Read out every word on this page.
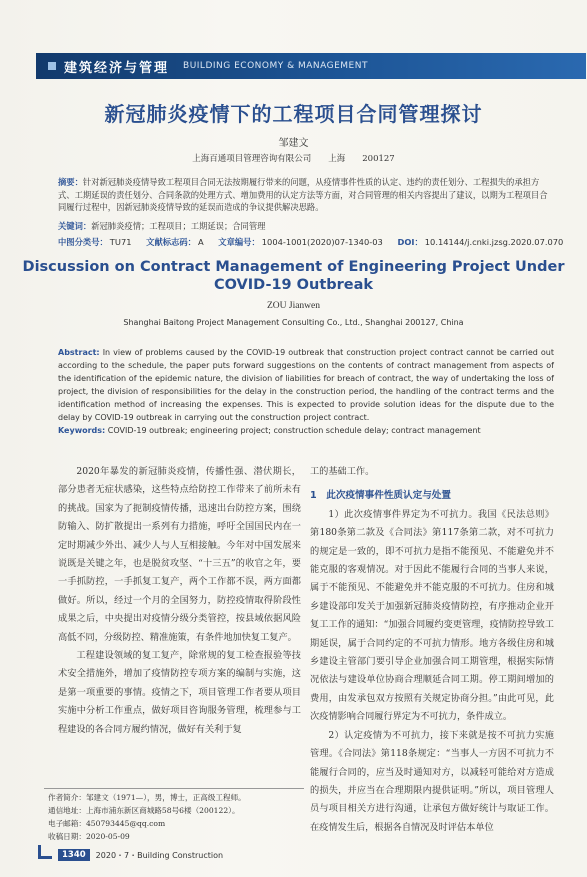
建筑经济与管理 BUILDING ECONOMY & MANAGEMENT
新冠肺炎疫情下的工程项目合同管理探讨
邹建文
上海百通项目管理咨询有限公司　　上海　　200127
摘要：针对新冠肺炎疫情导致工程项目合同无法按期履行带来的问题，从疫情事件性质的认定、违约的责任划分、工程损失的承担方式、工期延误的责任划分、合同条款的处理方式、增加费用的认定方法等方面，对合同管理的相关内容提出了建议，以期为工程项目合同履行过程中，因新冠肺炎疫情导致的延误而造成的争议提供解决思路。
关键词：新冠肺炎疫情；工程项目；工期延误；合同管理
中图分类号： TU71 文献标志码： A 文章编号： 1004-1001(2020)07-1340-03 DOI： 10.14144/j.cnki.jzsg.2020.07.070
Discussion on Contract Management of Engineering Project Under COVID-19 Outbreak
ZOU Jianwen
Shanghai Baitong Project Management Consulting Co., Ltd., Shanghai 200127, China
Abstract: In view of problems caused by the COVID-19 outbreak that construction project contract cannot be carried out according to the schedule, the paper puts forward suggestions on the contents of contract management from aspects of the identification of the epidemic nature, the division of liabilities for breach of contract, the way of undertaking the loss of project, the division of responsibilities for the delay in the construction period, the handling of the contract terms and the identification method of increasing the expenses. This is expected to provide solution ideas for the dispute due to the delay by COVID-19 outbreak in carrying out the construction project contract.
Keywords: COVID-19 outbreak; engineering project; construction schedule delay; contract management

2020年暴发的新冠肺炎疫情，传播性强、潜伏期长，部分患者无症状感染，这些特点给防控工作带来了前所未有的挑战。国家为了扼制疫情传播，迅速出台防控方案，围绕防输入、防扩散提出一系列有力措施，呼吁全国国民内在一定时期减少外出、减少人与人互相接触。今年对中国发展来说既是关键之年，也是脱贫攻坚、“十三五”的收官之年，要一手抓防控，一手抓复工复产，两个工作都不误，两方面都做好。所以，经过一个月的全国努力，防控疫情取得阶段性成果之后，中央提出对疫情分级分类管控，按县域依据风险高低不同，分级防控、精准施策，有条件地加快复工复产。

工程建设领域的复工复产，除常规的复工检查报验等技术安全措施外，增加了疫情防控专项方案的编制与实施，这是第一项重要的事情。疫情之下，项目管理工作者要从项目实施中分析工作重点，做好项目咨询服务管理，梳理参与工程建设的各合同方履约情况，做好有关利于复

工的基础工作。
1　此次疫情事件性质认定与处置

1）此次疫情事件界定为不可抗力。我国《民法总则》第180条第二款及《合同法》第117条第二款，对不可抗力的规定是一致的，即不可抗力是指不能预见、不能避免并不能克服的客观情况。对于因此不能履行合同的当事人来说，属于不能预见、不能避免并不能克服的不可抗力。住房和城乡建设部印发关于加强新冠肺炎疫情防控，有序推动企业开复工工作的通知：“加强合同履约变更管理，疫情防控导致工期延误，属于合同约定的不可抗力情形。地方各级住房和城乡建设主管部门要引导企业加强合同工期管理，根据实际情况依法与建设单位协商合理顺延合同工期。停工期间增加的费用，由发承包双方按照有关规定协商分担。”由此可见，此次疫情影响合同履行界定为不可抗力，条件成立。

2）认定疫情为不可抗力，接下来就是按不可抗力实施管理。《合同法》第118条规定：“当事人一方因不可抗力不能履行合同的，应当及时通知对方，以减轻可能给对方造成的损失，并应当在合理期限内提供证明。”所以，项目管理人员与项目相关方进行沟通，让承包方做好统计与取证工作。在疫情发生后，根据各自情况及时评估本单位

作者简介：邹建文（1971—），男，博士，正高级工程师。
通信地址：上海市浦东新区商城路58号6楼（200122）。
电子邮箱：450793445@qq.com
收稿日期：2020-05-09
1340	2020・7・Building Construction
